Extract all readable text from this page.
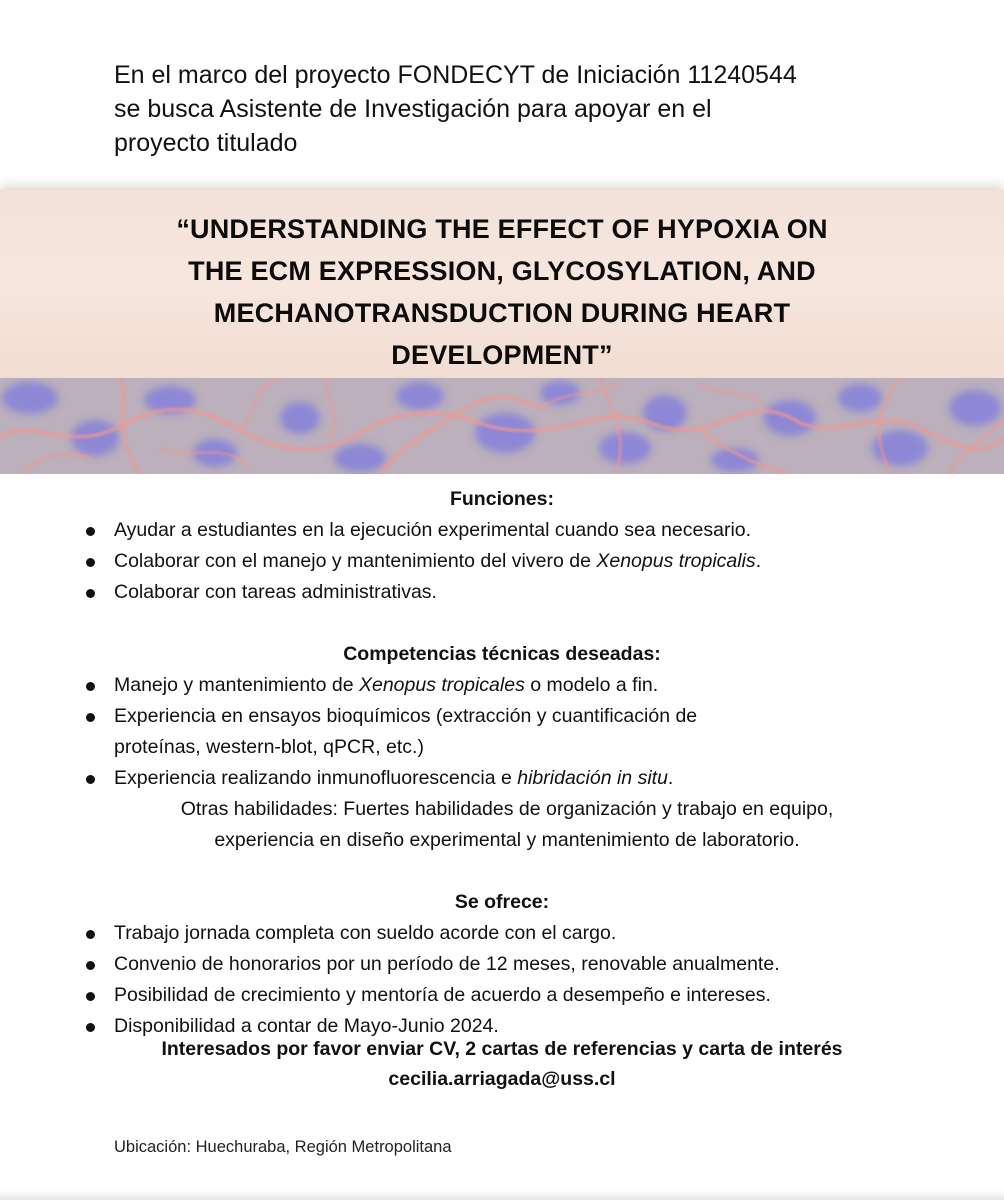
En el marco del proyecto FONDECYT de Iniciación 11240544
se busca Asistente de Investigación para apoyar en el
proyecto titulado
“UNDERSTANDING THE EFFECT OF HYPOXIA ON
THE ECM EXPRESSION, GLYCOSYLATION, AND
MECHANOTRANSDUCTION DURING HEART
DEVELOPMENT”
Funciones:
Ayudar a estudiantes en la ejecución experimental cuando sea necesario.
Colaborar con el manejo y mantenimiento del vivero de Xenopus tropicalis.
Colaborar con tareas administrativas.
Competencias técnicas deseadas:
Manejo y mantenimiento de Xenopus tropicales o modelo a fin.
Experiencia en ensayos bioquímicos (extracción y cuantificación de
proteínas, western-blot, qPCR, etc.)
Experiencia realizando inmunofluorescencia e hibridación in situ.
Otras habilidades: Fuertes habilidades de organización y trabajo en equipo,
experiencia en diseño experimental y mantenimiento de laboratorio.
Se ofrece:
Trabajo jornada completa con sueldo acorde con el cargo.
Convenio de honorarios por un período de 12 meses, renovable anualmente.
Posibilidad de crecimiento y mentoría de acuerdo a desempeño e intereses.
Disponibilidad a contar de Mayo-Junio 2024.
Interesados por favor enviar CV, 2 cartas de referencias y carta de interés
cecilia.arriagada@uss.cl
Ubicación: Huechuraba, Región Metropolitana
